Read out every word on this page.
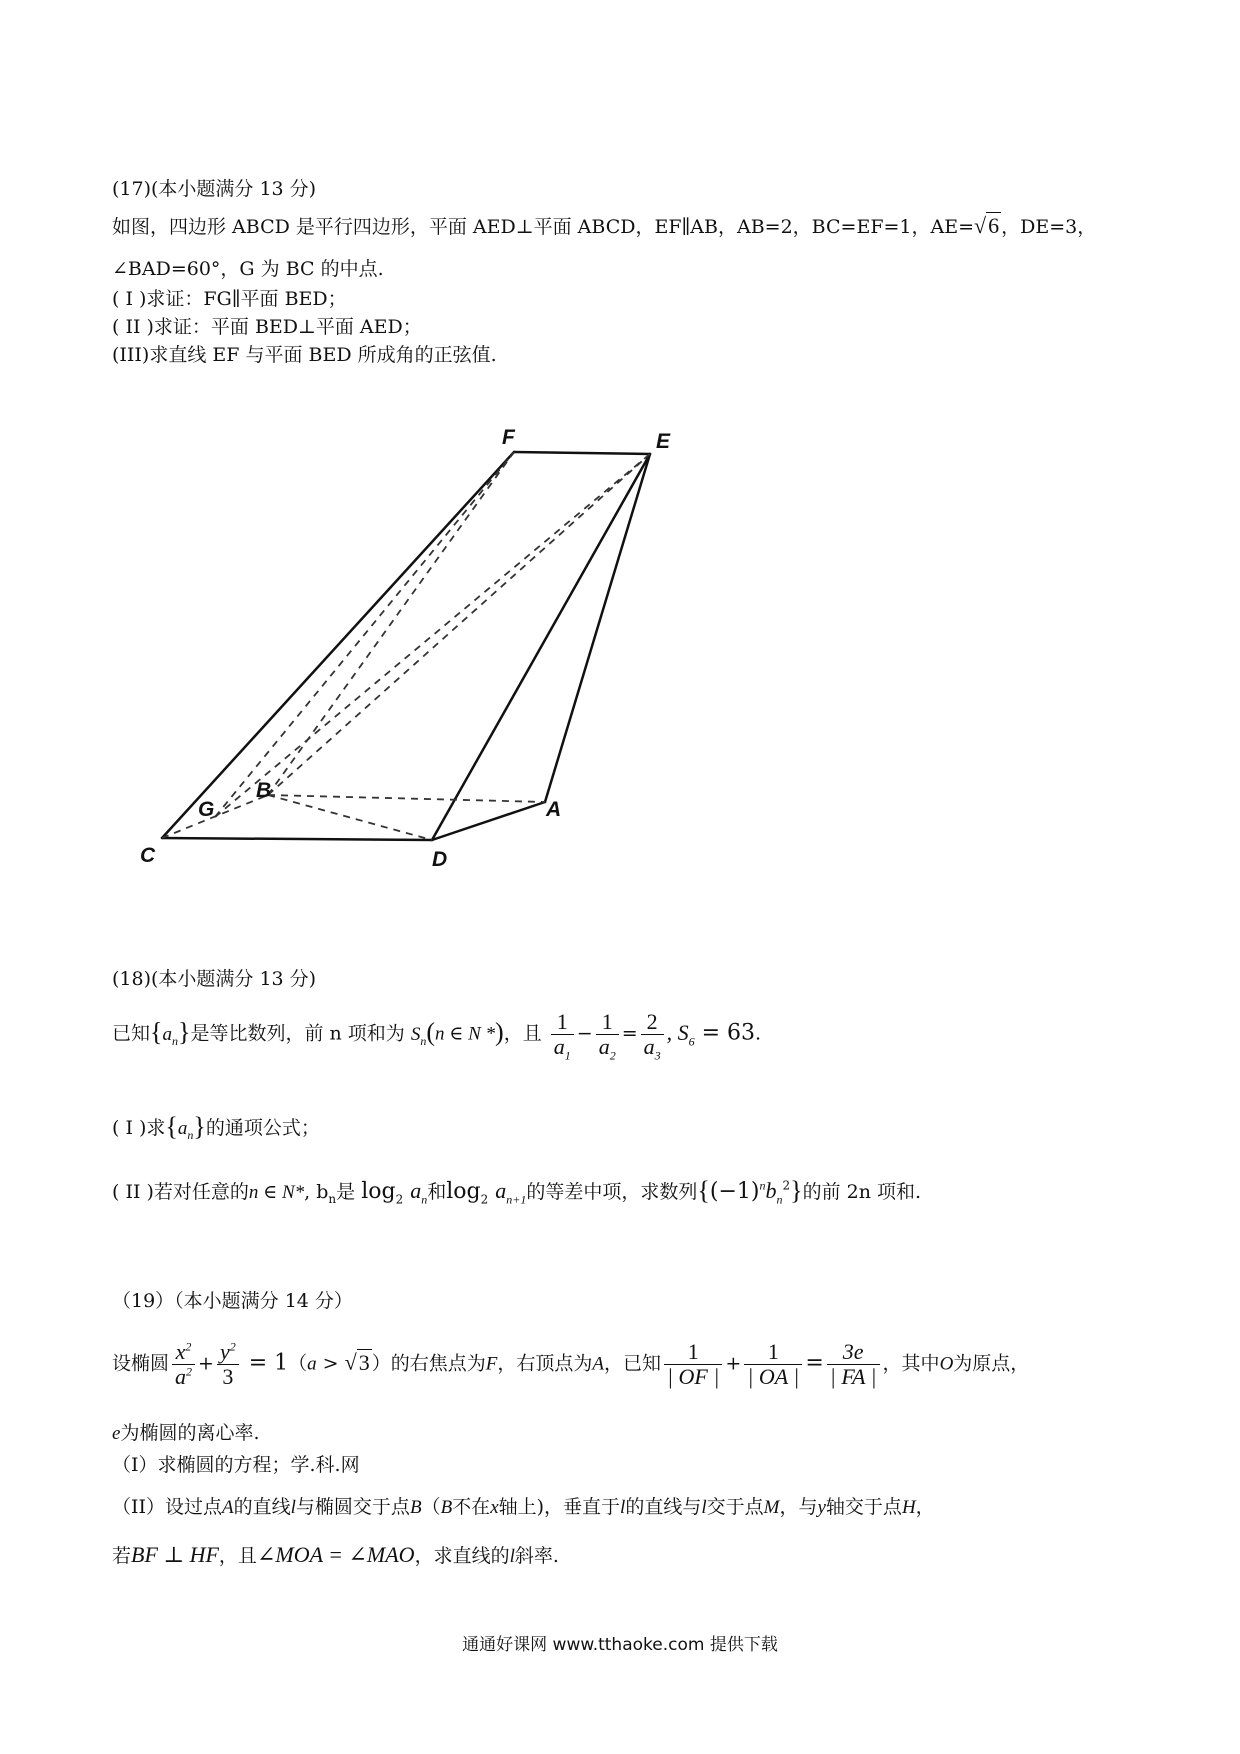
(17)(本小题满分 13 分)
如图，四边形 ABCD 是平行四边形，平面 AED⊥平面 ABCD，EF∥AB，AB=2，BC=EF=1，AE=√6 ，DE=3，
∠BAD=60°，G 为 BC 的中点.
( I )求证：FG∥平面 BED；
( II )求证：平面 BED⊥平面 AED；
(III)求直线 EF 与平面 BED 所成角的正弦值.
F	E
G
B
A
C	D
(18)(本小题满分 13 分)
已知$\{a_n\}$是等比数列，前 n 项和为 $S_n(n$ ∈ N *)，且 $\frac{1}{a_1} - \frac{1}{a_2} = \frac{2}{a_3}$ , $S_6 = 63$.
( I )求$\{a_n\}$的通项公式；
( II )若对任意的n ∈ N*, $b_n$是 $\log_2 a_n$和$\log_2 a_{n+1}$的等差中项，求数列$\{(-1)^nb_n^2\}$的前 2n 项和.
（19）（本小题满分 14 分）
设椭圆 $\frac{x^2}{a^2} + \frac{y^2}{3} = 1(a > √3$ ）的右焦点为F，右顶点为A，已知 $\frac{1}{| OF |} + \frac{1}{| OA |} = \frac{3e}{| FA |}$ ，其中O为原点，
e为椭圆的离心率.
（I）求椭圆的方程；学.科.网
（II）设过点A的直线l与椭圆交于点B（B不在x轴上)，垂直于l的直线与l交于点M，与y轴交于点H，
若BF ⊥ HF，且∠MOA = ∠MAO，求直线的l斜率.
通通好课网 www.tthaoke.com 提供下载
